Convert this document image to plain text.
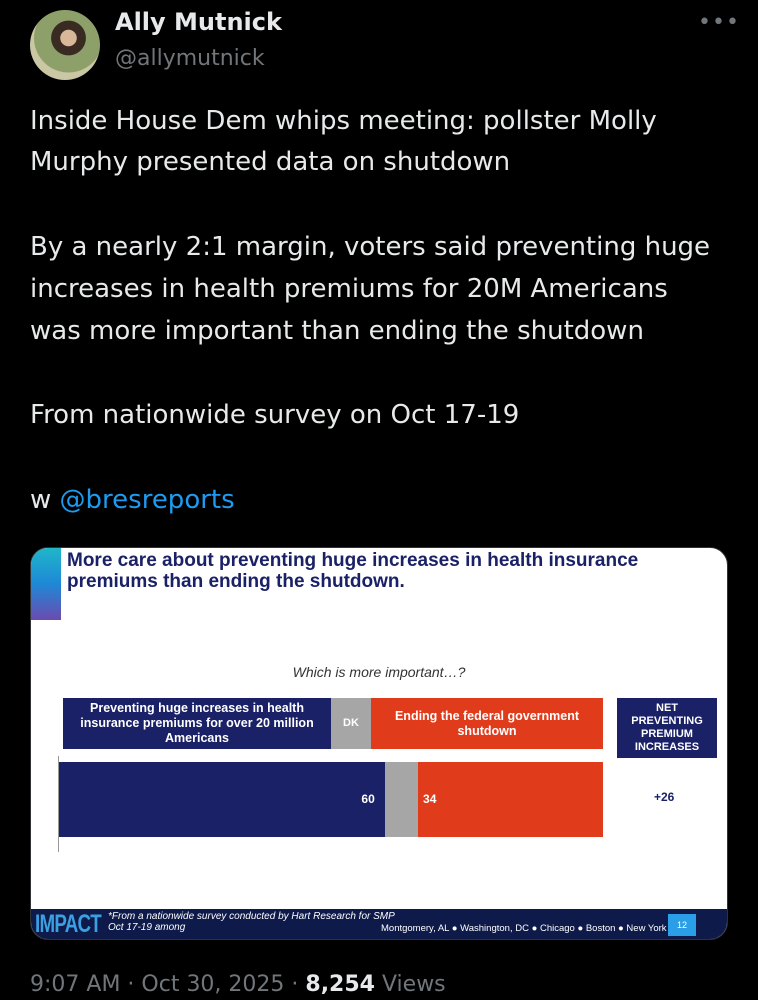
Ally Mutnick
@allymutnick
•••
Inside House Dem whips meeting: pollster Molly
Murphy presented data on shutdown
By a nearly 2:1 margin, voters said preventing huge
increases in health premiums for 20M Americans
was more important than ending the shutdown
From nationwide survey on Oct 17-19
w @bresreports
More care about preventing huge increases in health insurance premiums than ending the shutdown.
Which is more important…?
Preventing huge increases in health insurance premiums for over 20 million Americans
DK
Ending the federal government shutdown
NET PREVENTING PREMIUM INCREASES
60	34	+26
IMPACT *From a nationwide survey conducted by Hart Research for SMP
Oct 17-19 among	Montgomery, AL ● Washington, DC ● Chicago ● Boston ● New York	12
9:07 AM · Oct 30, 2025 · 8,254 Views
